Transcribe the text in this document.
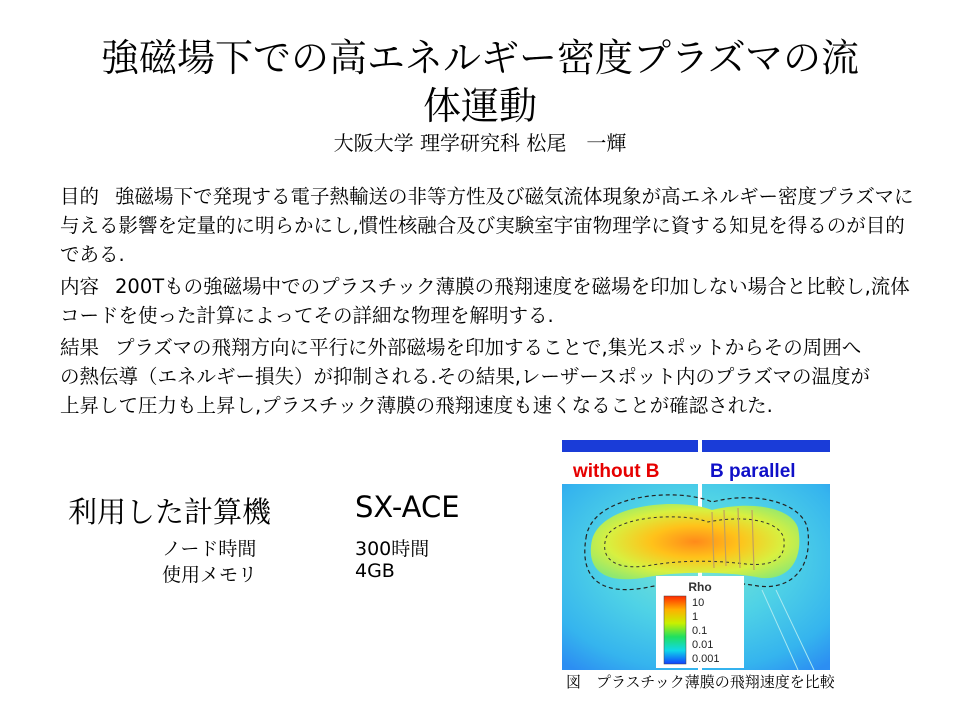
強磁場下での高エネルギー密度プラズマの流
体運動
大阪大学 理学研究科 松尾　一輝

目的 強磁場下で発現する電子熱輸送の非等方性及び磁気流体現象が高エネルギー密度プラズマに与える影響を定量的に明らかにし,慣性核融合及び実験室宇宙物理学に資する知見を得るのが目的である.

内容 200Tもの強磁場中でのプラスチック薄膜の飛翔速度を磁場を印加しない場合と比較し,流体コードを使った計算によってその詳細な物理を解明する.

結果 プラズマの飛翔方向に平行に外部磁場を印加することで,集光スポットからその周囲への熱伝導（エネルギー損失）が抑制される.その結果,レーザースポット内のプラズマの温度が上昇して圧力も上昇し,プラスチック薄膜の飛翔速度も速くなることが確認された.

利用した計算機	SX-ACE
ノード時間	300時間
使用メモリ	4GB
Rho
10
1
0.1
0.01
0.001
without B	B parallel
図　プラスチック薄膜の飛翔速度を比較
